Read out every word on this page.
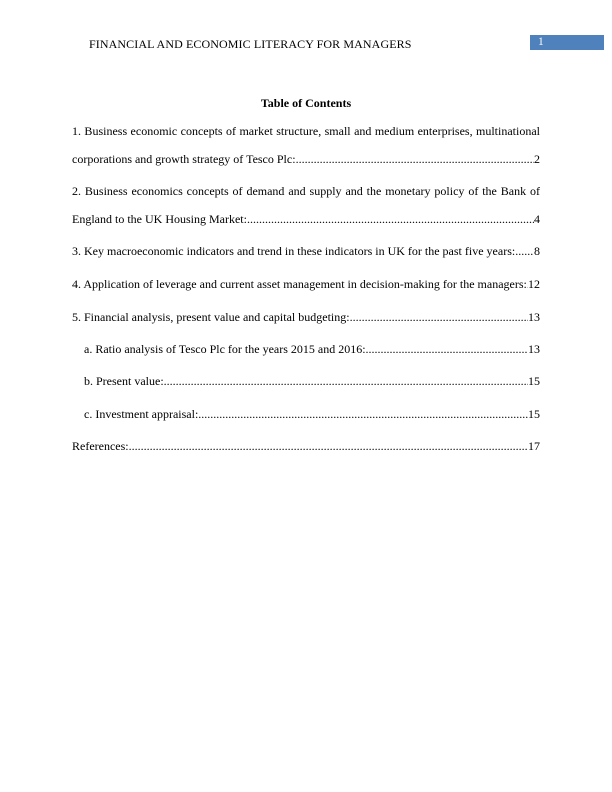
FINANCIAL AND ECONOMIC LITERACY FOR MANAGERS	1
Table of Contents
1. Business economic concepts of market structure, small and medium enterprises, multinational
corporations and growth strategy of Tesco Plc: .....	2
2. Business economics concepts of demand and supply and the monetary policy of the Bank of
England to the UK Housing Market: .....	4
3. Key macroeconomic indicators and trend in these indicators in UK for the past five years: ..... 8
4. Application of leverage and current asset management in decision-making for the managers: ..... 12
5. Financial analysis, present value and capital budgeting: .....	13
a. Ratio analysis of Tesco Plc for the years 2015 and 2016: .....	13
b. Present value: .....	15
c. Investment appraisal: .....	15
References: .....	17
